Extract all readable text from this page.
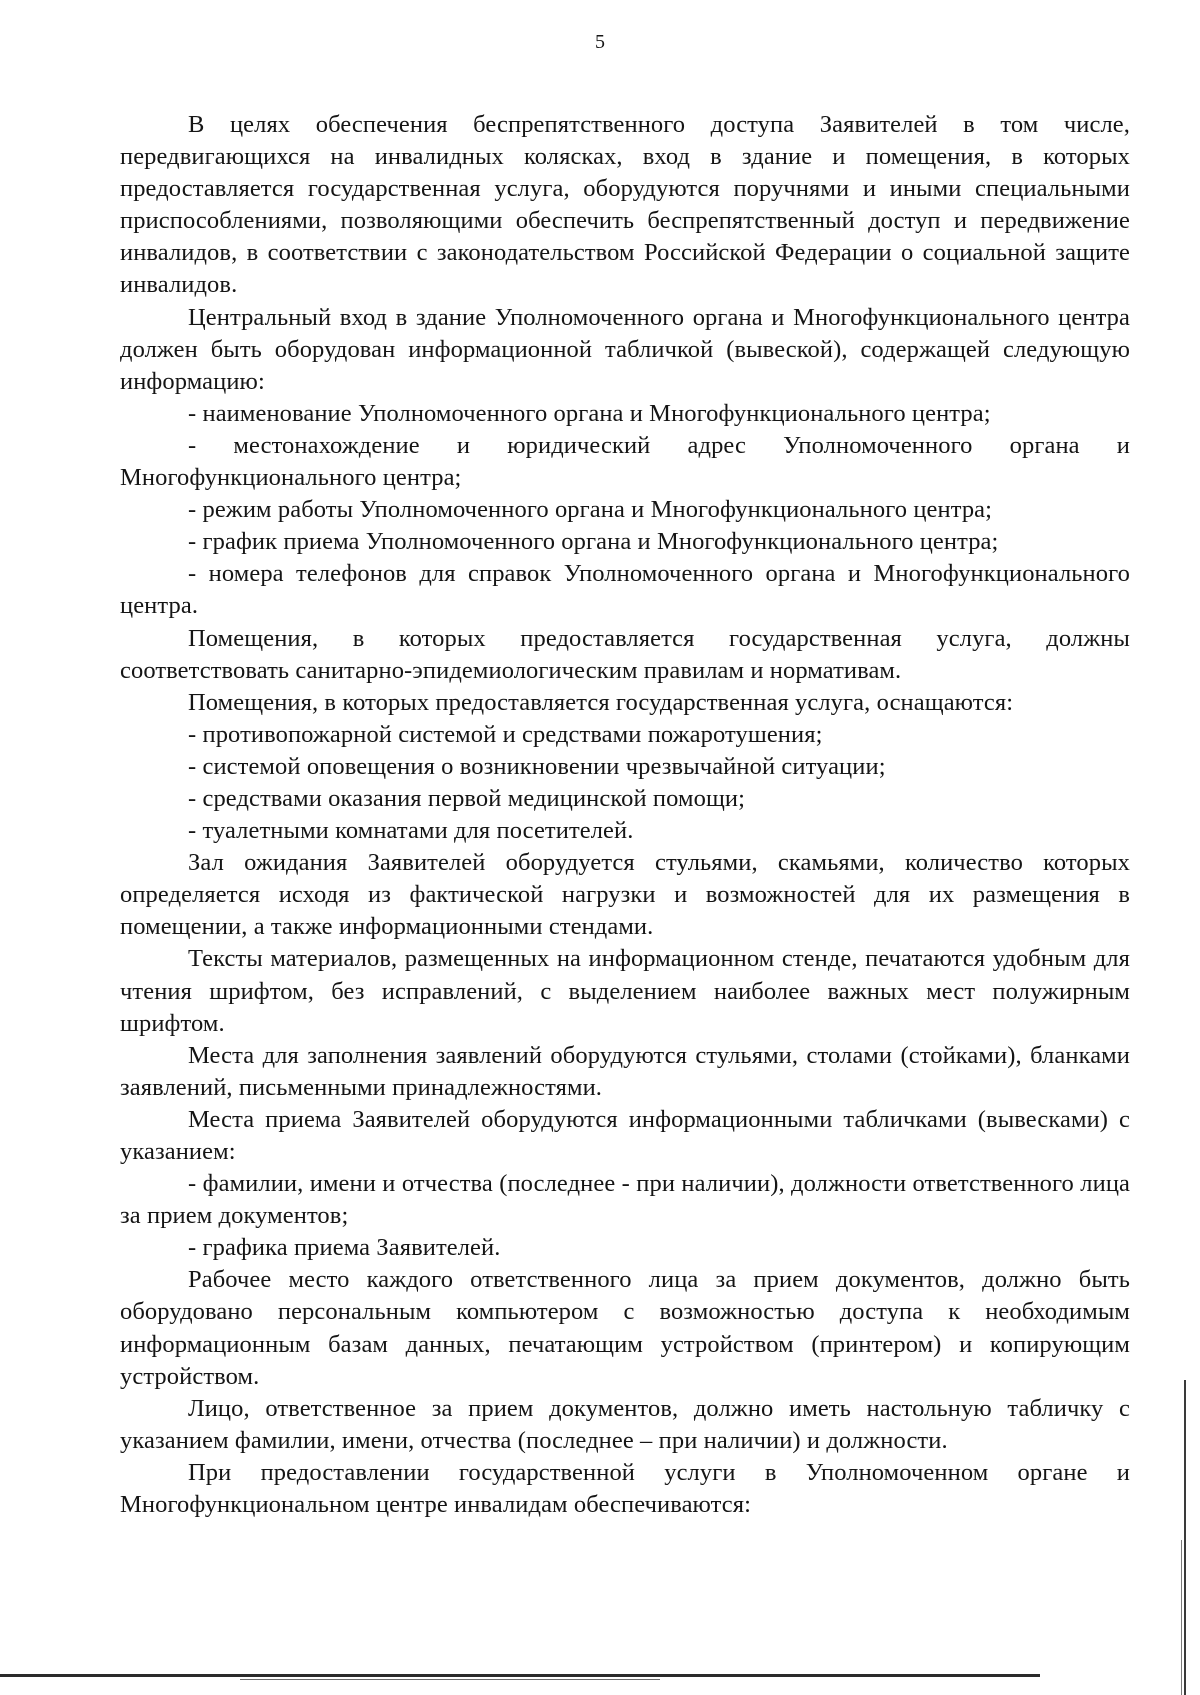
5

В целях обеспечения беспрепятственного доступа Заявителей в том числе, передвигающихся на инвалидных колясках, вход в здание и помещения, в которых предоставляется государственная услуга, оборудуются поручнями и иными специальными приспособлениями, позволяющими обеспечить беспрепятственный доступ и передвижение инвалидов, в соответствии с законодательством Российской Федерации о социальной защите инвалидов.

Центральный вход в здание Уполномоченного органа и Многофункционального центра должен быть оборудован информационной табличкой (вывеской), содержащей следующую информацию:

- наименование Уполномоченного органа и Многофункционального центра;

- местонахождение и юридический адрес Уполномоченного органа и Многофункционального центра;

- режим работы Уполномоченного органа и Многофункционального центра;

- график приема Уполномоченного органа и Многофункционального центра;

- номера телефонов для справок Уполномоченного органа и Многофункционального центра.

Помещения, в которых предоставляется государственная услуга, должны соответствовать санитарно-эпидемиологическим правилам и нормативам.

Помещения, в которых предоставляется государственная услуга, оснащаются:

- противопожарной системой и средствами пожаротушения;

- системой оповещения о возникновении чрезвычайной ситуации;

- средствами оказания первой медицинской помощи;

- туалетными комнатами для посетителей.

Зал ожидания Заявителей оборудуется стульями, скамьями, количество которых определяется исходя из фактической нагрузки и возможностей для их размещения в помещении, а также информационными стендами.

Тексты материалов, размещенных на информационном стенде, печатаются удобным для чтения шрифтом, без исправлений, с выделением наиболее важных мест полужирным шрифтом.

Места для заполнения заявлений оборудуются стульями, столами (стойками), бланками заявлений, письменными принадлежностями.

Места приема Заявителей оборудуются информационными табличками (вывесками) с указанием:

- фамилии, имени и отчества (последнее - при наличии), должности ответственного лица за прием документов;

- графика приема Заявителей.

Рабочее место каждого ответственного лица за прием документов, должно быть оборудовано персональным компьютером с возможностью доступа к необходимым информационным базам данных, печатающим устройством (принтером) и копирующим устройством.

Лицо, ответственное за прием документов, должно иметь настольную табличку с указанием фамилии, имени, отчества (последнее – при наличии) и должности.

При предоставлении государственной услуги в Уполномоченном органе и Многофункциональном центре инвалидам обеспечиваются:
